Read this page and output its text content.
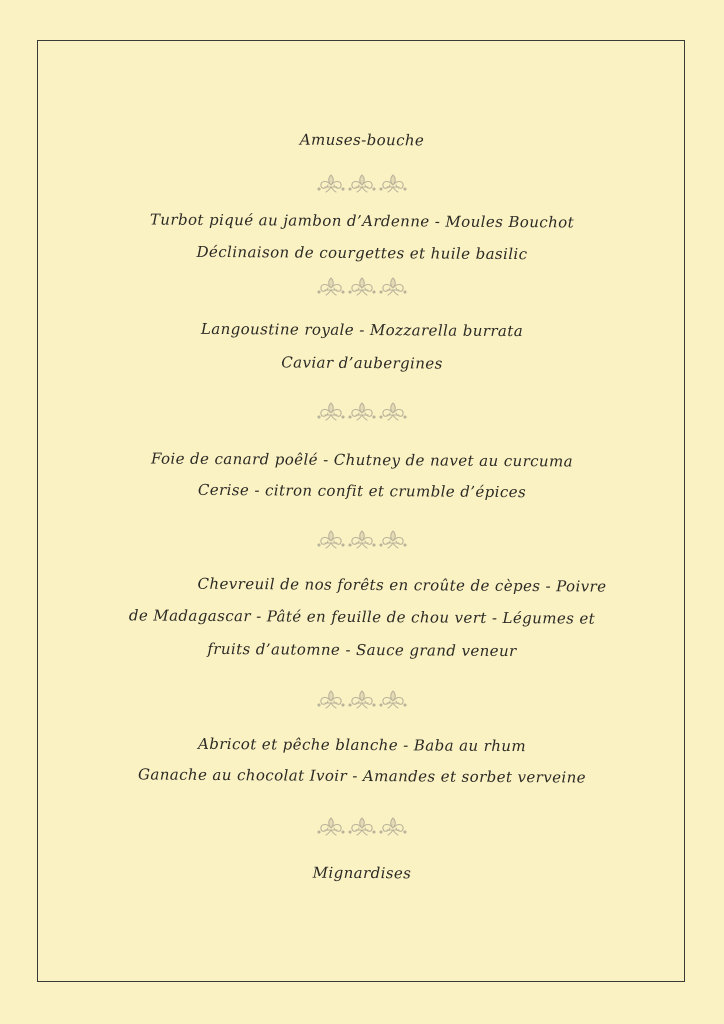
Amuses-bouche
Turbot piqué au jambon d’Ardenne - Moules Bouchot
Déclinaison de courgettes et huile basilic
Langoustine royale - Mozzarella burrata
Caviar d’aubergines
Foie de canard poêlé - Chutney de navet au curcuma
Cerise - citron confit et crumble d’épices
Chevreuil de nos forêts en croûte de cèpes - Poivre
de Madagascar - Pâté en feuille de chou vert - Légumes et
fruits d’automne - Sauce grand veneur
Abricot et pêche blanche - Baba au rhum
Ganache au chocolat Ivoir - Amandes et sorbet verveine
Mignardises
